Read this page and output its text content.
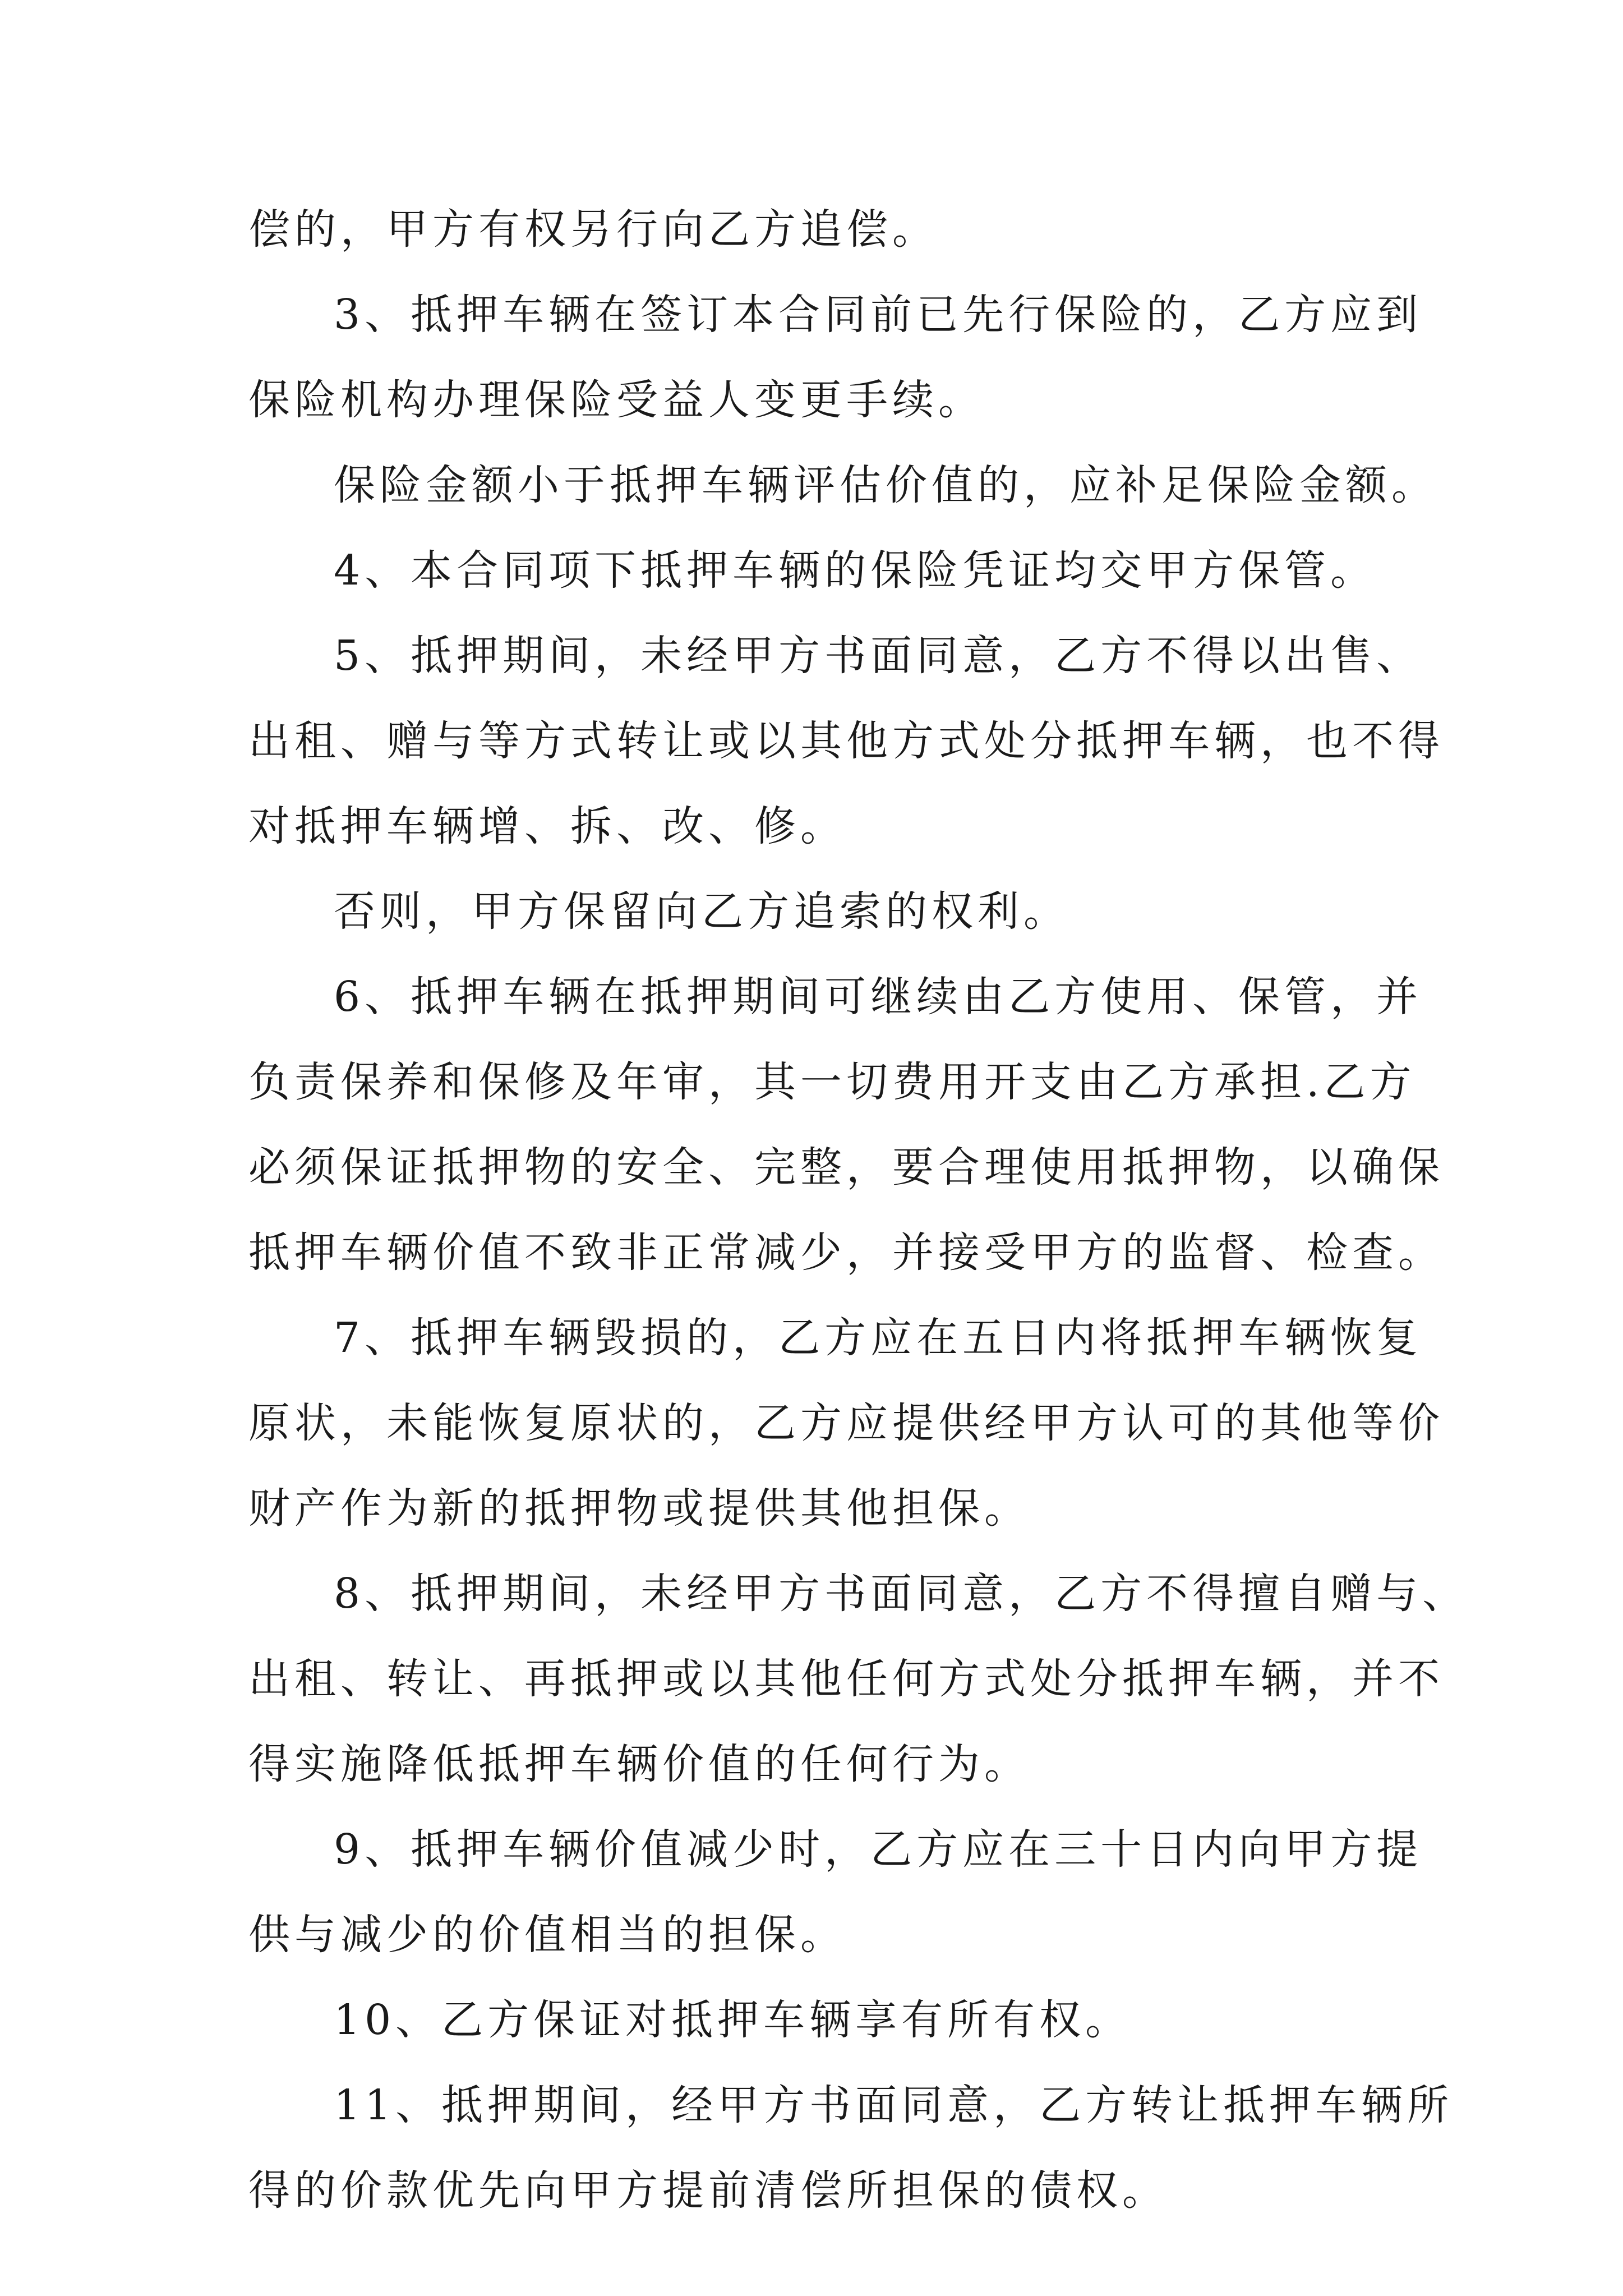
偿的，甲方有权另行向乙方追偿。
3、抵押车辆在签订本合同前已先行保险的，乙方应到
保险机构办理保险受益人变更手续。
保险金额小于抵押车辆评估价值的，应补足保险金额。
4、本合同项下抵押车辆的保险凭证均交甲方保管。
5、抵押期间，未经甲方书面同意，乙方不得以出售、
出租、赠与等方式转让或以其他方式处分抵押车辆，也不得
对抵押车辆增、拆、改、修。
否则，甲方保留向乙方追索的权利。
6、抵押车辆在抵押期间可继续由乙方使用、保管，并
负责保养和保修及年审，其一切费用开支由乙方承担.乙方
必须保证抵押物的安全、完整，要合理使用抵押物，以确保
抵押车辆价值不致非正常减少，并接受甲方的监督、检查。
7、抵押车辆毁损的，乙方应在五日内将抵押车辆恢复
原状，未能恢复原状的，乙方应提供经甲方认可的其他等价
财产作为新的抵押物或提供其他担保。
8、抵押期间，未经甲方书面同意，乙方不得擅自赠与、
出租、转让、再抵押或以其他任何方式处分抵押车辆，并不
得实施降低抵押车辆价值的任何行为。
9、抵押车辆价值减少时，乙方应在三十日内向甲方提
供与减少的价值相当的担保。
10、乙方保证对抵押车辆享有所有权。
11、抵押期间，经甲方书面同意，乙方转让抵押车辆所
得的价款优先向甲方提前清偿所担保的债权。
